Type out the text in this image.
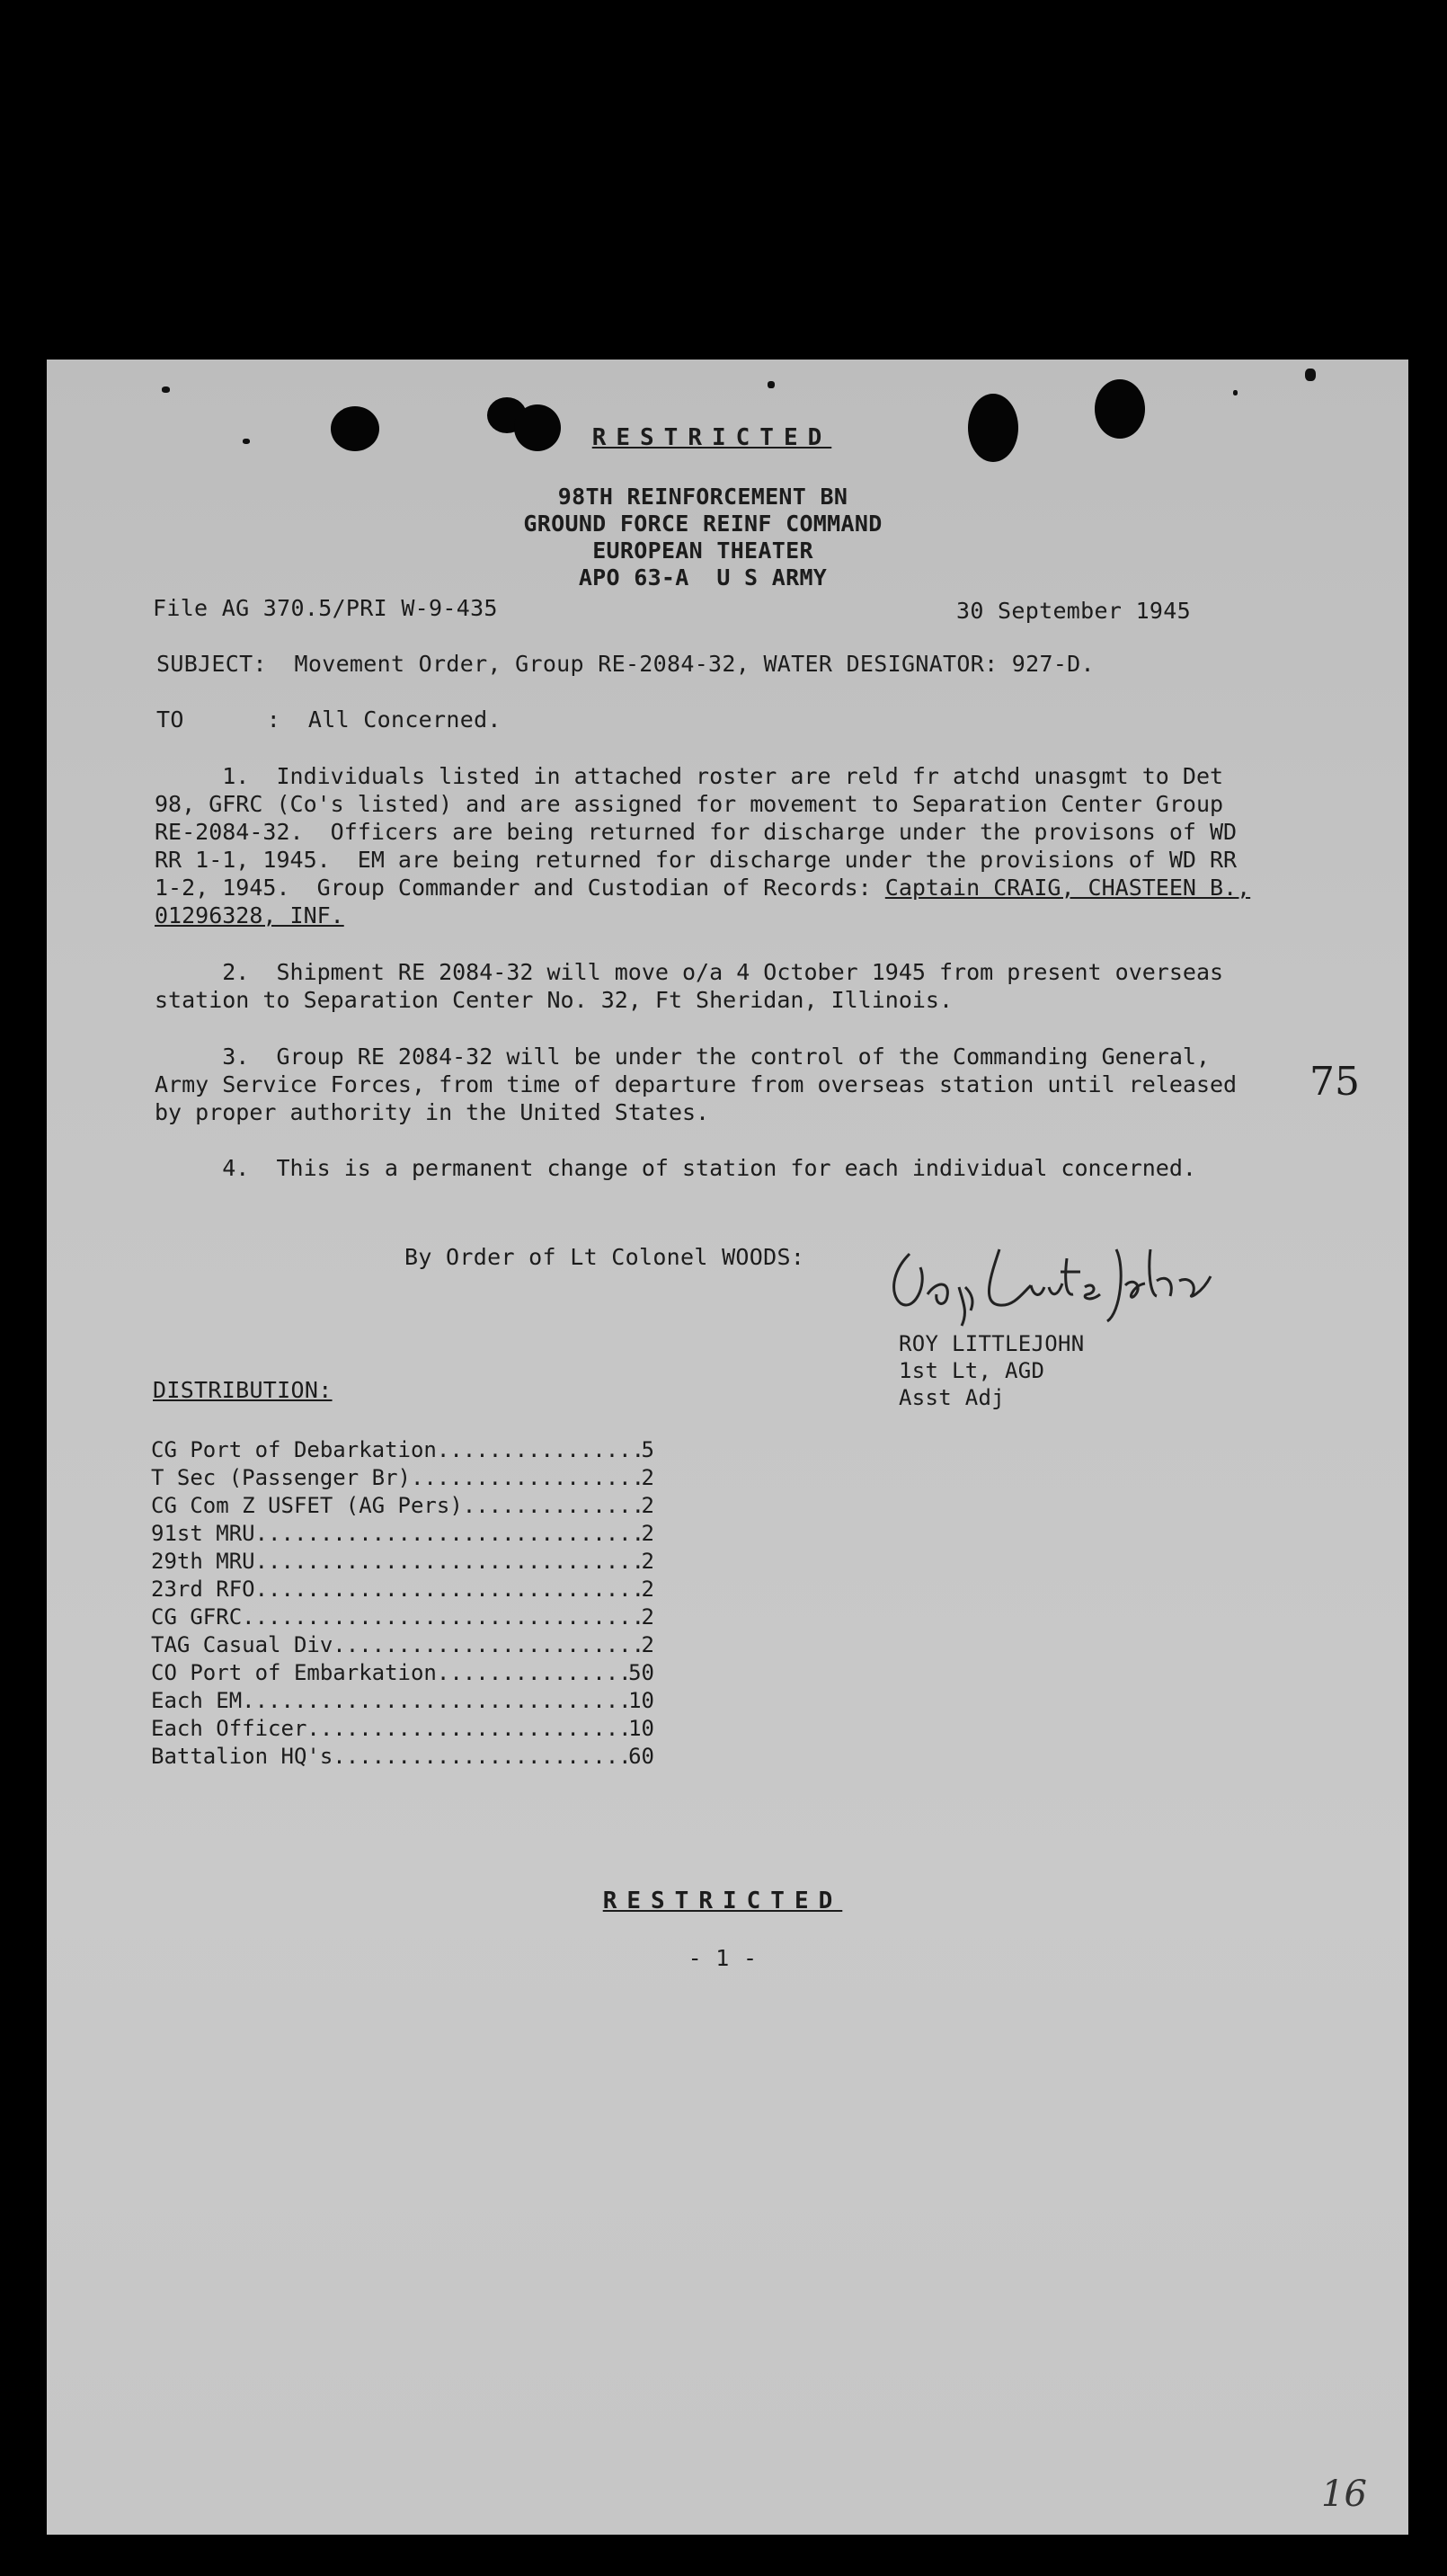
RESTRICTED
98TH REINFORCEMENT BN
GROUND FORCE REINF COMMAND
EUROPEAN THEATER
APO 63-A  U S ARMY
File AG 370.5/PRI W-9-435	30 September 1945
SUBJECT:  Movement Order, Group RE-2084-32, WATER DESIGNATOR: 927-D.
TO      :  All Concerned.
1.  Individuals listed in attached roster are reld fr atchd unasgmt to Det
98, GFRC (Co's listed) and are assigned for movement to Separation Center Group
RE-2084-32.  Officers are being returned for discharge under the provisons of WD
RR 1-1, 1945.  EM are being returned for discharge under the provisions of WD RR
1-2, 1945.  Group Commander and Custodian of Records: Captain CRAIG, CHASTEEN B.,
01296328, INF.
2.  Shipment RE 2084-32 will move o/a 4 October 1945 from present overseas
station to Separation Center No. 32, Ft Sheridan, Illinois.
3.  Group RE 2084-32 will be under the control of the Commanding General,
Army Service Forces, from time of departure from overseas station until released
by proper authority in the United States.
75
4.  This is a permanent change of station for each individual concerned.
By Order of Lt Colonel WOODS:
ROY LITTLEJOHN
1st Lt, AGD
Asst Adj
DISTRIBUTION:
CG Port of Debarkation .....	5
T Sec (Passenger Br) .....	2
CG Com Z USFET (AG Pers) .....	2
91st MRU .....	2
29th MRU .....	2
23rd RFO .....	2
CG GFRC .....	2
TAG Casual Div .....	2
CO Port of Embarkation .....	50
Each EM .....	10
Each Officer .....	10
Battalion HQ's .....	60
RESTRICTED
- 1 -
16
